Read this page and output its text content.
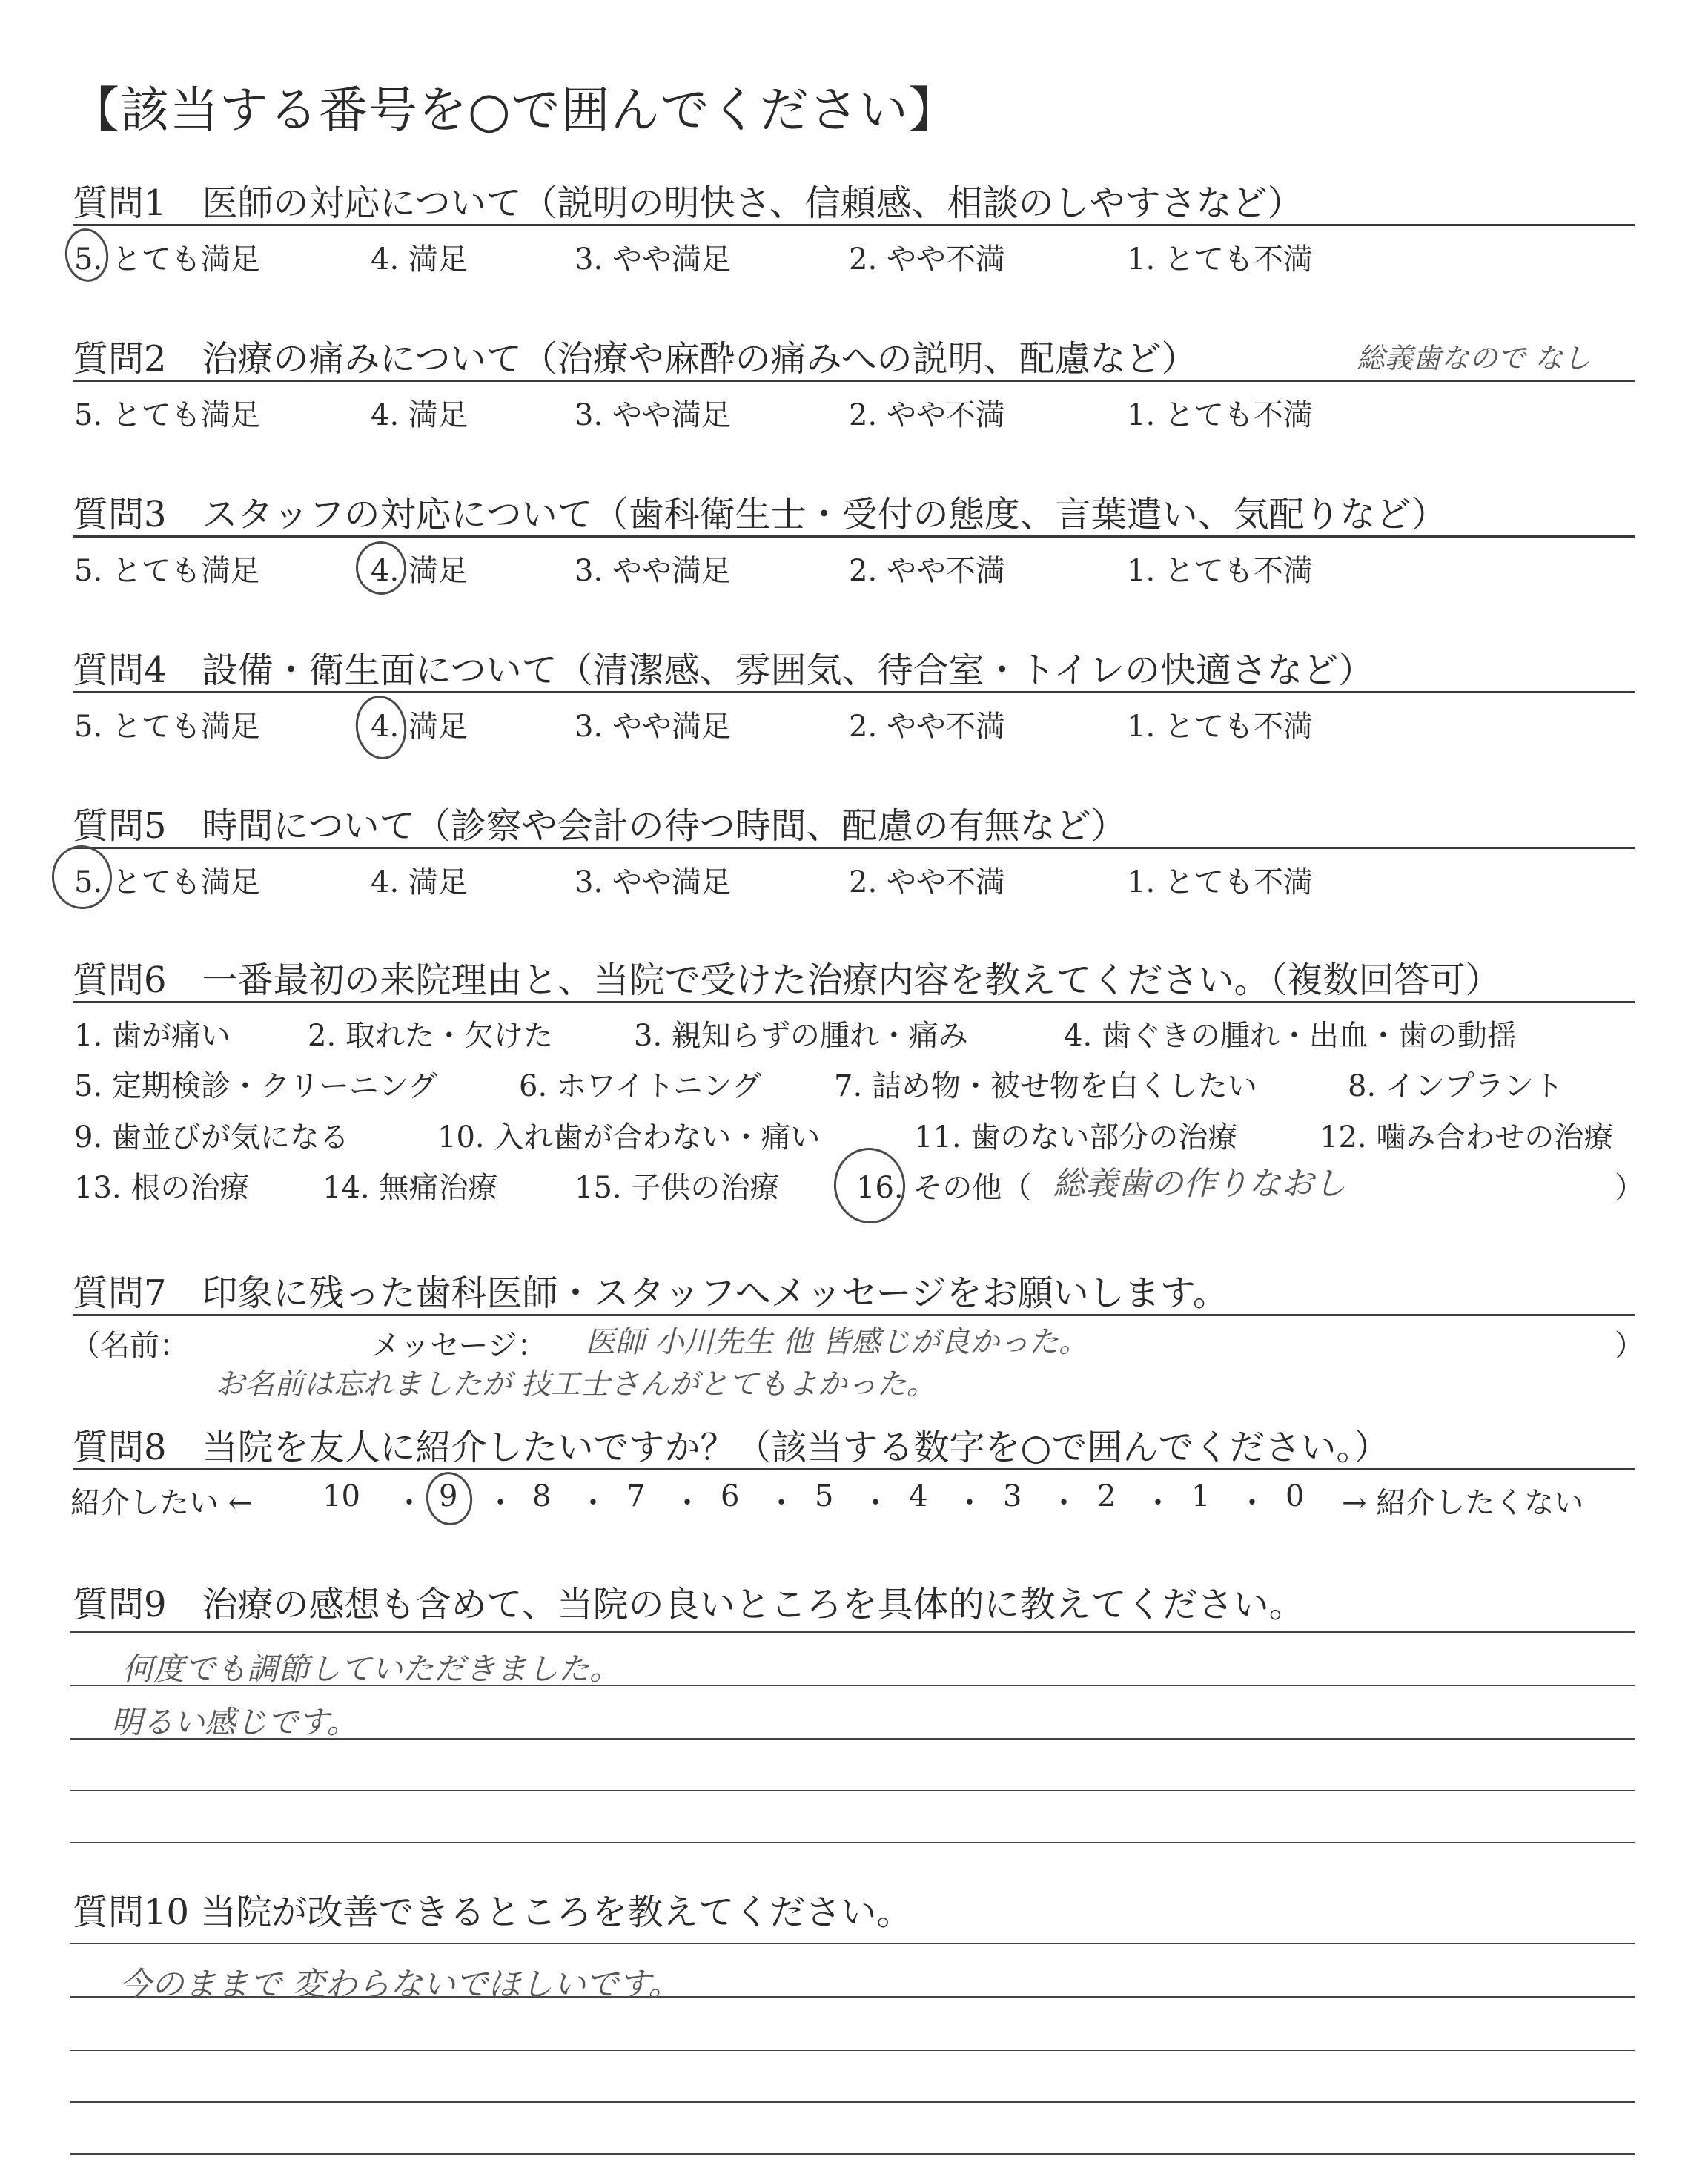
【該当する番号を○で囲んでください】
質問1　医師の対応について（説明の明快さ、信頼感、相談のしやすさなど）
5. とても満足	4. 満足	3. やや満足	2. やや不満	1. とても不満
質問2　治療の痛みについて（治療や麻酔の痛みへの説明、配慮など）
5. とても満足	4. 満足	3. やや満足	2. やや不満	1. とても不満
総義歯なので なし
質問3　スタッフの対応について（歯科衛生士・受付の態度、言葉遣い、気配りなど）
5. とても満足	4. 満足	3. やや満足	2. やや不満	1. とても不満
質問4　設備・衛生面について（清潔感、雰囲気、待合室・トイレの快適さなど）
5. とても満足	4. 満足	3. やや満足	2. やや不満	1. とても不満
質問5　時間について（診察や会計の待つ時間、配慮の有無など）
5. とても満足	4. 満足	3. やや満足	2. やや不満	1. とても不満
質問6　一番最初の来院理由と、当院で受けた治療内容を教えてください。（複数回答可）
1. 歯が痛い	2. 取れた・欠けた	3. 親知らずの腫れ・痛み	4. 歯ぐきの腫れ・出血・歯の動揺
5. 定期検診・クリーニング	6. ホワイトニング 7. 詰め物・被せ物を白くしたい	8. インプラント
9. 歯並びが気になる	10. 入れ歯が合わない・痛い	11. 歯のない部分の治療	12. 噛み合わせの治療
13. 根の治療 14. 無痛治療	15. 子供の治療	16. その他（ 総義歯の作りなおし	）
質問7　印象に残った歯科医師・スタッフへメッセージをお願いします。
（名前：	メッセージ： 医師 小川先生 他 皆感じが良かった。	）
お名前は忘れましたが 技工士さんがとてもよかった。
質問8　当院を友人に紹介したいですか？（該当する数字を○で囲んでください。）
紹介したい ← 10 ・ 9 ・ 8 ・ 7 ・ 6 ・ 5 ・ 4 ・ 3 ・ 2 ・ 1 ・ 0 → 紹介したくない
質問9　治療の感想も含めて、当院の良いところを具体的に教えてください。
何度でも調節していただきました。
明るい感じです。
質問10 当院が改善できるところを教えてください。
今のままで 変わらないでほしいです。
